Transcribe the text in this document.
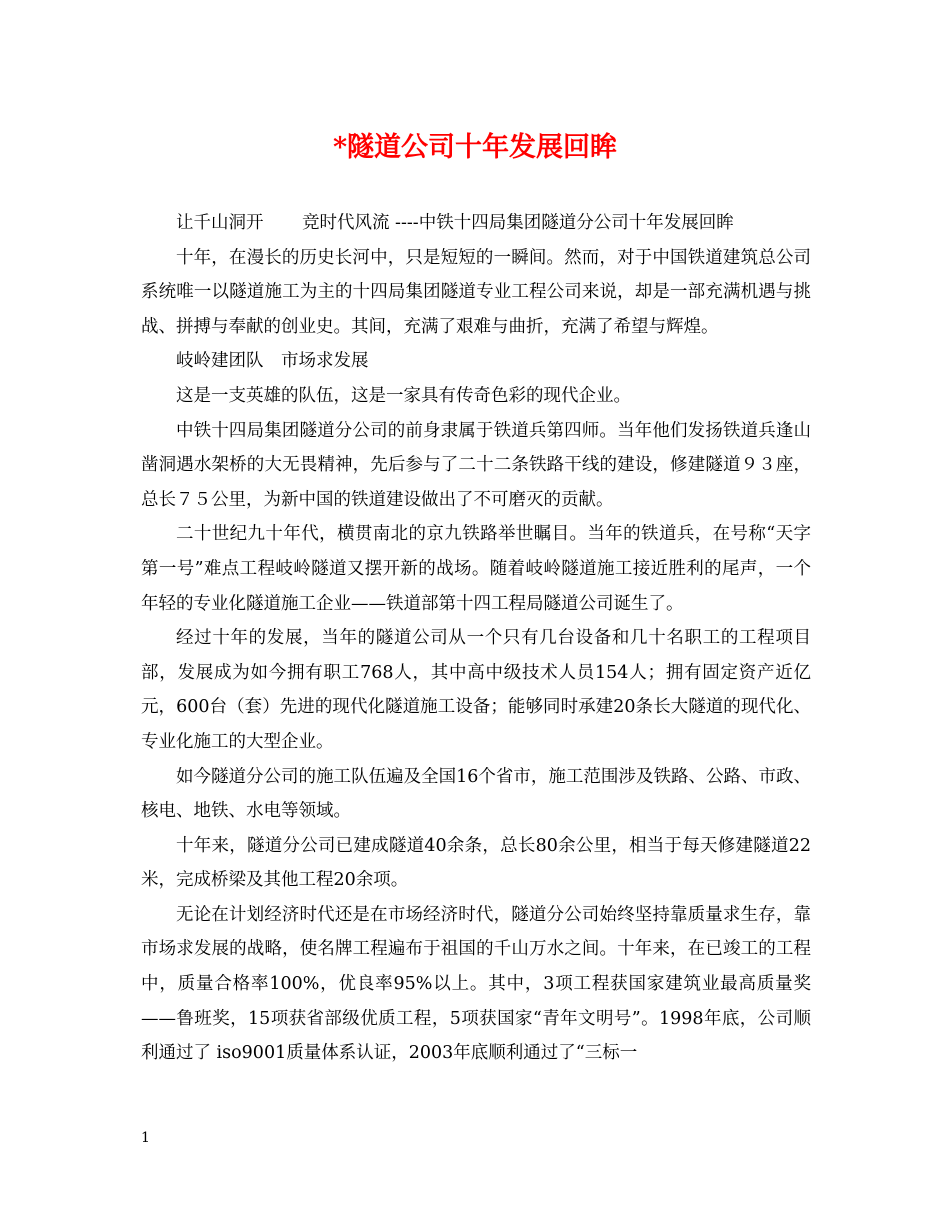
*隧道公司十年发展回眸

让千山洞开 竞时代风流 ----中铁十四局集团隧道分公司十年发展回眸

十年，在漫长的历史长河中，只是短短的一瞬间。然而，对于中国铁道建筑总公司系统唯一以隧道施工为主的十四局集团隧道专业工程公司来说，却是一部充满机遇与挑战、拼搏与奉献的创业史。其间，充满了艰难与曲折，充满了希望与辉煌。

岐岭建团队 市场求发展

这是一支英雄的队伍，这是一家具有传奇色彩的现代企业。

中铁十四局集团隧道分公司的前身隶属于铁道兵第四师。当年他们发扬铁道兵逢山凿洞遇水架桥的大无畏精神，先后参与了二十二条铁路干线的建设，修建隧道９３座，总长７５公里，为新中国的铁道建设做出了不可磨灭的贡献。

二十世纪九十年代，横贯南北的京九铁路举世瞩目。当年的铁道兵，在号称“天字第一号”难点工程岐岭隧道又摆开新的战场。随着岐岭隧道施工接近胜利的尾声，一个年轻的专业化隧道施工企业——铁道部第十四工程局隧道公司诞生了。

经过十年的发展，当年的隧道公司从一个只有几台设备和几十名职工的工程项目部，发展成为如今拥有职工768人，其中高中级技术人员154人；拥有固定资产近亿元，600台（套）先进的现代化隧道施工设备；能够同时承建20条长大隧道的现代化、专业化施工的大型企业。

如今隧道分公司的施工队伍遍及全国16个省市，施工范围涉及铁路、公路、市政、核电、地铁、水电等领域。

十年来，隧道分公司已建成隧道40余条，总长80余公里，相当于每天修建隧道22米，完成桥梁及其他工程20余项。

无论在计划经济时代还是在市场经济时代，隧道分公司始终坚持靠质量求生存，靠市场求发展的战略，使名牌工程遍布于祖国的千山万水之间。十年来，在已竣工的工程中，质量合格率100%，优良率95%以上。其中，3项工程获国家建筑业最高质量奖——鲁班奖，15项获省部级优质工程，5项获国家“青年文明号”。1998年底，公司顺利通过了 iso9001质量体系认证，2003年底顺利通过了“三标一

1
